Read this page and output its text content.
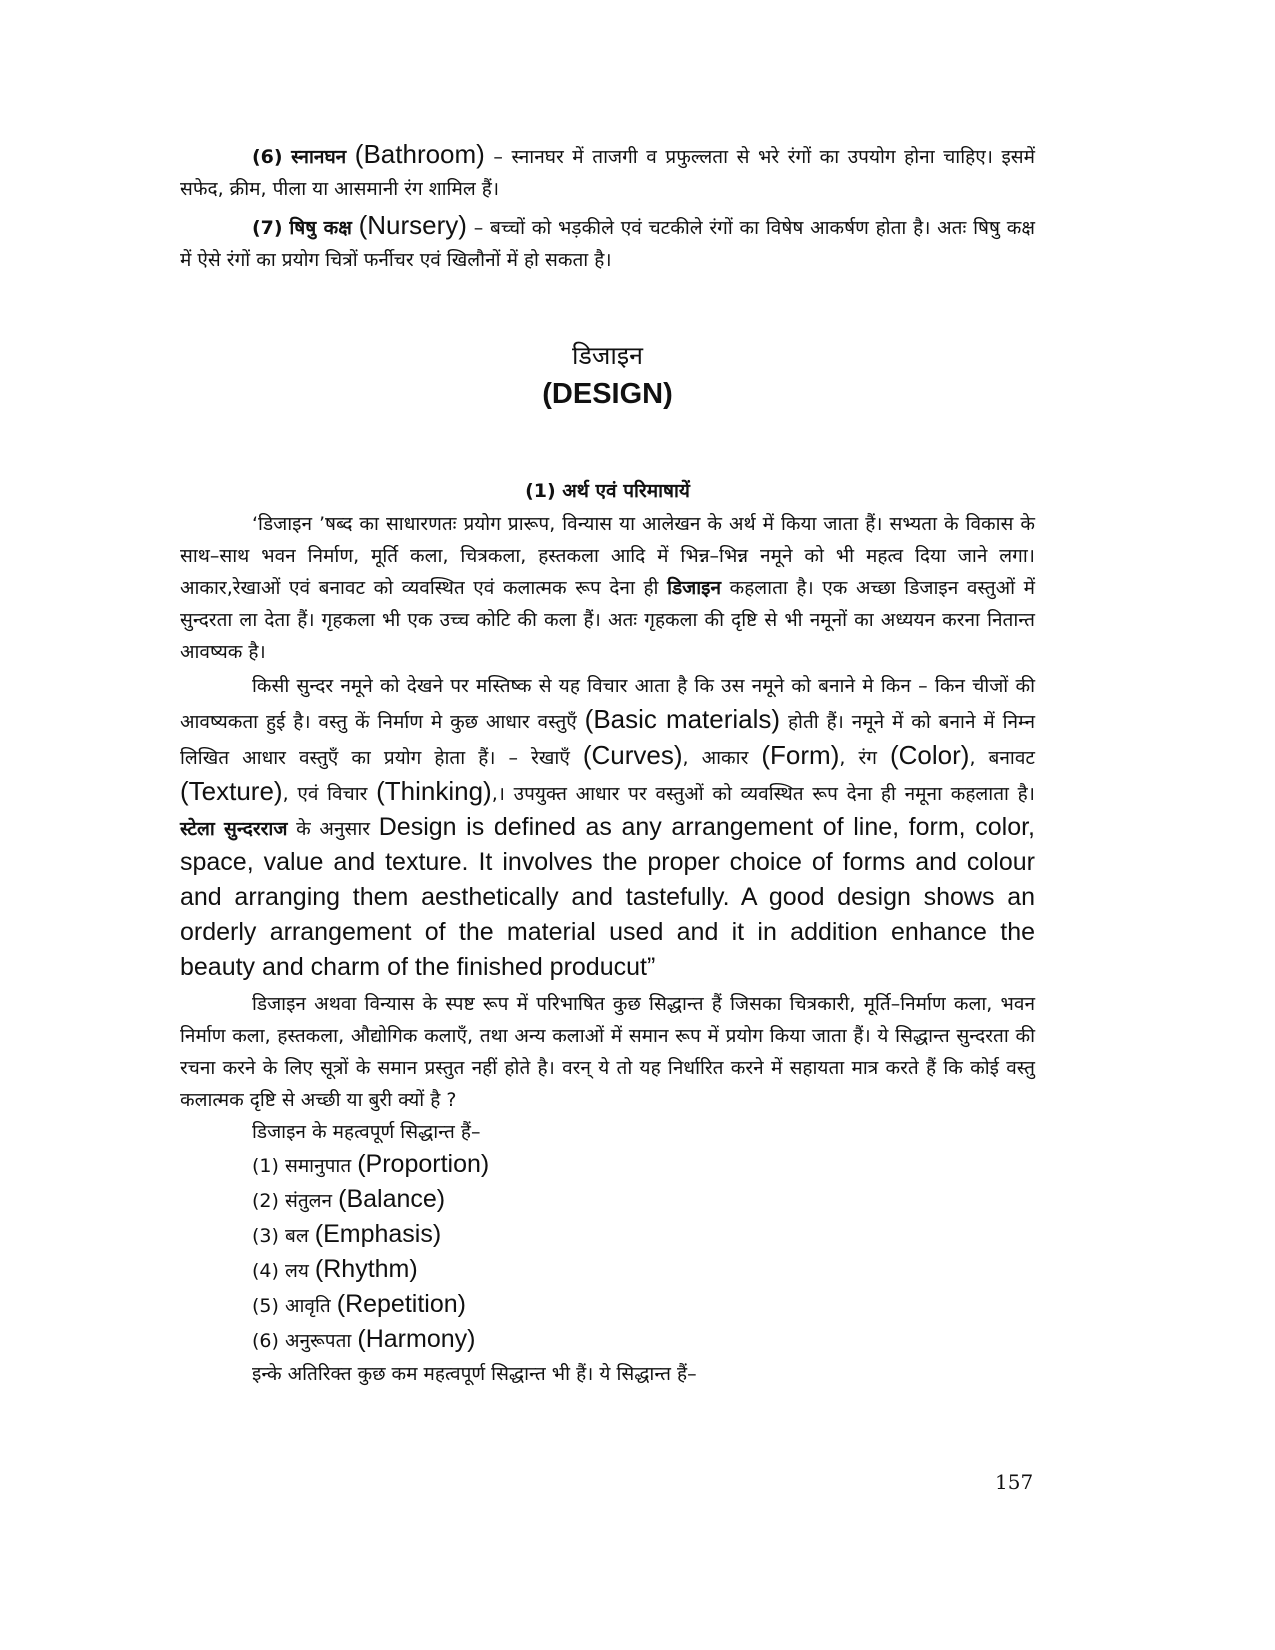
(6) स्नानघन (Bathroom) – स्नानघर में ताजगी व प्रफुल्लता से भरे रंगों का उपयोग होना चाहिए। इसमें सफेद, क्रीम, पीला या आसमानी रंग शामिल हैं।

(7) षिषु कक्ष (Nursery) – बच्चों को भड़कीले एवं चटकीले रंगों का विषेष आकर्षण होता है। अतः षिषु कक्ष में ऐसे रंगों का प्रयोग चित्रों फर्नीचर एवं खिलौनों में हो सकता है।

डिजाइन
(DESIGN)
(1) अर्थ एवं परिमाषायें

‘डिजाइन ’षब्द का साधारणतः प्रयोग प्रारूप, विन्यास या आलेखन के अर्थ में किया जाता हैं। सभ्यता के विकास के साथ–साथ भवन निर्माण, मूर्ति कला, चित्रकला, हस्तकला आदि में भिन्न–भिन्न नमूने को भी महत्व दिया जाने लगा। आकार,रेखाओं एवं बनावट को व्यवस्थित एवं कलात्मक रूप देना ही डिजाइन कहलाता है। एक अच्छा डिजाइन वस्तुओं में सुन्दरता ला देता हैं। गृहकला भी एक उच्च कोटि की कला हैं। अतः गृहकला की दृष्टि से भी नमूनों का अध्ययन करना नितान्त आवष्यक है।

किसी सुन्दर नमूने को देखने पर मस्तिष्क से यह विचार आता है कि उस नमूने को बनाने मे किन – किन चीजों की आवष्यकता हुई है। वस्तु कें निर्माण मे कुछ आधार वस्तुएँ (Basic materials) होती हैं। नमूने में को बनाने में निम्न लिखित आधार वस्तुएँ का प्रयोग हेाता हैं। – रेखाएँ (Curves), आकार (Form), रंग (Color), बनावट (Texture), एवं विचार (Thinking),। उपयुक्त आधार पर वस्तुओं को व्यवस्थित रूप देना ही नमूना कहलाता है। स्टेला सुन्दरराज के अनुसार Design is defined as any arrangement of line, form, color, space, value and texture. It involves the proper choice of forms and colour and arranging them aesthetically and tastefully. A good design shows an orderly arrangement of the material used and it in addition enhance the beauty and charm of the finished producut”

डिजाइन अथवा विन्यास के स्पष्ट रूप में परिभाषित कुछ सिद्धान्त हैं जिसका चित्रकारी, मूर्ति–निर्माण कला, भवन निर्माण कला, हस्तकला, औद्योगिक कलाएँ, तथा अन्य कलाओं में समान रूप में प्रयोग किया जाता हैं। ये सिद्धान्त सुन्दरता की रचना करने के लिए सूत्रों के समान प्रस्तुत नहीं होते है। वरन् ये तो यह निर्धारित करने में सहायता मात्र करते हैं कि कोई वस्तु कलात्मक दृष्टि से अच्छी या बुरी क्यों है ?

डिजाइन के महत्वपूर्ण सिद्धान्त हैं–

(1) समानुपात (Proportion)
(2) संतुलन (Balance)
(3) बल (Emphasis)
(4) लय (Rhythm)
(5) आवृति (Repetition)
(6) अनुरूपता (Harmony)

इन्के अतिरिक्त कुछ कम महत्वपूर्ण सिद्धान्त भी हैं। ये सिद्धान्त हैं–

157
